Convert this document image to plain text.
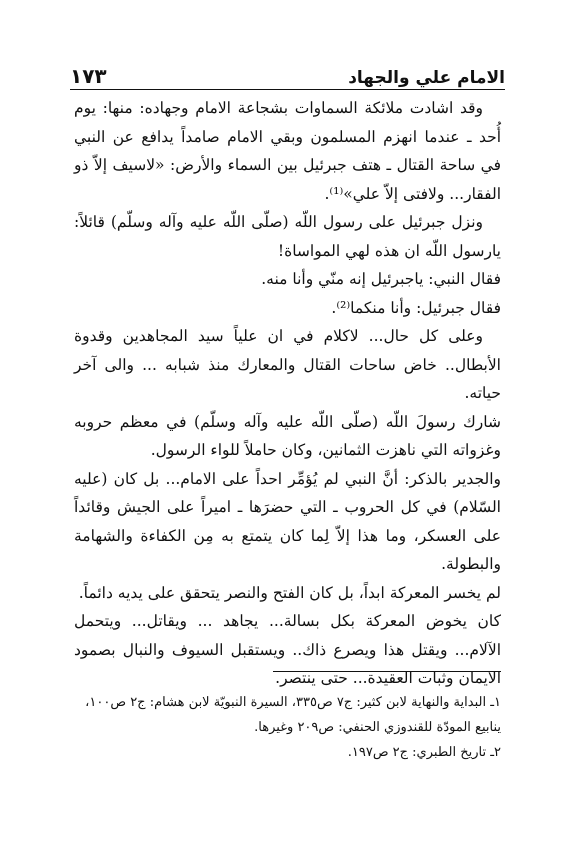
الامام علي والجهاد
١٧٣

وقد اشادت ملائكة السماوات بشجاعة الامام وجهاده: منها: يوم أُحد ـ عندما انهزم المسلمون وبقي الامام صامداً يدافع عن النبي في ساحة القتال ـ هتف جبرئيل بين السماء والأرض: «لاسيف إلاّ ذو الفقار... ولافتى إلاّ علي»⁽¹⁾.

ونزل جبرئيل على رسول اللّه (صلّى اللّه عليه وآله وسلّم) قائلاً: يارسول اللّه ان هذه لهي المواساة!

فقال النبي: ياجبرئيل إنه منّي وأنا منه.

فقال جبرئيل: وأنا منكما⁽²⁾.

وعلى كل حال... لاكلام في ان علياً سيد المجاهدين وقدوة الأبطال.. خاض ساحات القتال والمعارك منذ شبابه ... والى آخر حياته.

شارك رسولَ اللّه (صلّى اللّه عليه وآله وسلّم) في معظم حروبه وغزواته التي ناهزت الثمانين، وكان حاملاً للواء الرسول.

والجدير بالذكر: أنَّ النبي لم يُؤمِّر احداً على الامام... بل كان (عليه السّلام) في كل الحروب ـ التي حضرَها ـ اميراً على الجيش وقائداً على العسكر، وما هذا إلاّ لِما كان يتمتع به مِن الكفاءة والشهامة والبطولة.

لم يخسر المعركة ابداً، بل كان الفتح والنصر يتحقق على يديه دائماً.

كان يخوض المعركة بكل بسالة... يجاهد ... ويقاتل... ويتحمل الآلام... ويقتل هذا ويصرع ذاك.. ويستقبل السيوف والنبال بصمود الايمان وثبات العقيدة... حتى ينتصر.

١ـ البداية والنهاية لابن كثير: ج٧ ص٣٣٥، السيرة النبويّة لابن هشام: ج٢ ص١٠٠، ينابيع المودّة للقندوزي الحنفي: ص٢٠٩ وغيرها.

٢ـ تاريخ الطبري: ج٢ ص١٩٧.
